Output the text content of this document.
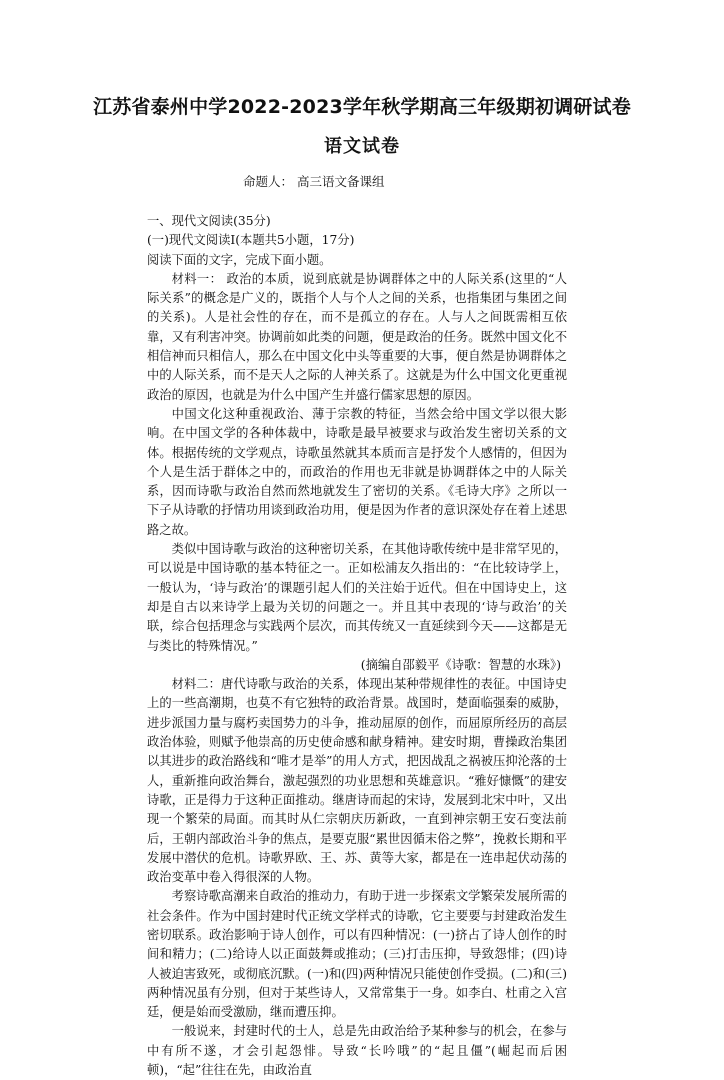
江苏省泰州中学2022-2023学年秋学期高三年级期初调研试卷
语文试卷
命题人： 高三语文备课组

一、现代文阅读(35分)

(一)现代文阅读Ⅰ(本题共5小题，17分)

阅读下面的文字，完成下面小题。

材料一： 政治的本质，说到底就是协调群体之中的人际关系(这里的“人际关系”的概念是广义的，既指个人与个人之间的关系，也指集团与集团之间的关系)。人是社会性的存在，而不是孤立的存在。人与人之间既需相互依靠，又有利害冲突。协调前如此类的问题，便是政治的任务。既然中国文化不相信神而只相信人，那么在中国文化中头等重要的大事，便自然是协调群体之中的人际关系，而不是天人之际的人神关系了。这就是为什么中国文化更重视政治的原因，也就是为什么中国产生并盛行儒家思想的原因。

中国文化这种重视政治、薄于宗教的特征，当然会给中国文学以很大影响。在中国文学的各种体裁中，诗歌是最早被要求与政治发生密切关系的文体。根据传统的文学观点，诗歌虽然就其本质而言是抒发个人感情的，但因为个人是生活于群体之中的，而政治的作用也无非就是协调群体之中的人际关系，因而诗歌与政治自然而然地就发生了密切的关系。《毛诗大序》之所以一下子从诗歌的抒情功用谈到政治功用，便是因为作者的意识深处存在着上述思路之故。

类似中国诗歌与政治的这种密切关系，在其他诗歌传统中是非常罕见的，可以说是中国诗歌的基本特征之一。正如松浦友久指出的：“在比较诗学上，一般认为，‘诗与政治’的课题引起人们的关注始于近代。但在中国诗史上，这却是自古以来诗学上最为关切的问题之一。并且其中表现的‘诗与政治’的关联，综合包括理念与实践两个层次，而其传统又一直延续到今天——这都是无与类比的特殊情况。”

(摘编自邵毅平《诗歌：智慧的水珠》)

材料二：唐代诗歌与政治的关系，体现出某种带规律性的表征。中国诗史上的一些高潮期，也莫不有它独特的政治背景。战国时，楚面临强秦的威胁，进步派国力量与腐朽卖国势力的斗争，推动屈原的创作，而屈原所经历的高层政治体验，则赋予他崇高的历史使命感和献身精神。建安时期，曹操政治集团以其进步的政治路线和“唯才是举”的用人方式，把因战乱之祸被压抑沦落的士人，重新推向政治舞台，激起强烈的功业思想和英雄意识。“雅好慷慨”的建安诗歌，正是得力于这种正面推动。继唐诗而起的宋诗，发展到北宋中叶，又出现一个繁荣的局面。而其时从仁宗朝庆历新政，一直到神宗朝王安石变法前后，王朝内部政治斗争的焦点，是要克服“累世因循末俗之弊”，挽救长期和平发展中潜伏的危机。诗歌界欧、王、苏、黄等大家，都是在一连串起伏动荡的政治变革中卷入得很深的人物。

考察诗歌高潮来自政治的推动力，有助于进一步探索文学繁荣发展所需的社会条件。作为中国封建时代正统文学样式的诗歌，它主要要与封建政治发生密切联系。政治影响于诗人创作，可以有四种情况：(一)挤占了诗人创作的时间和精力；(二)给诗人以正面鼓舞或推动；(三)打击压抑，导致怨悱；(四)诗人被迫害致死，或彻底沉默。(一)和(四)两种情况只能使创作受损。(二)和(三)两种情况虽有分别，但对于某些诗人，又常常集于一身。如李白、杜甫之入宫廷，便是始而受激励，继而遭压抑。

一般说来，封建时代的士人，总是先由政治给予某种参与的机会，在参与中有所不遂，才会引起怨悱。导致“长吟哦”的“起且僵”(崛起而后困顿)，“起”往往在先，由政治直
